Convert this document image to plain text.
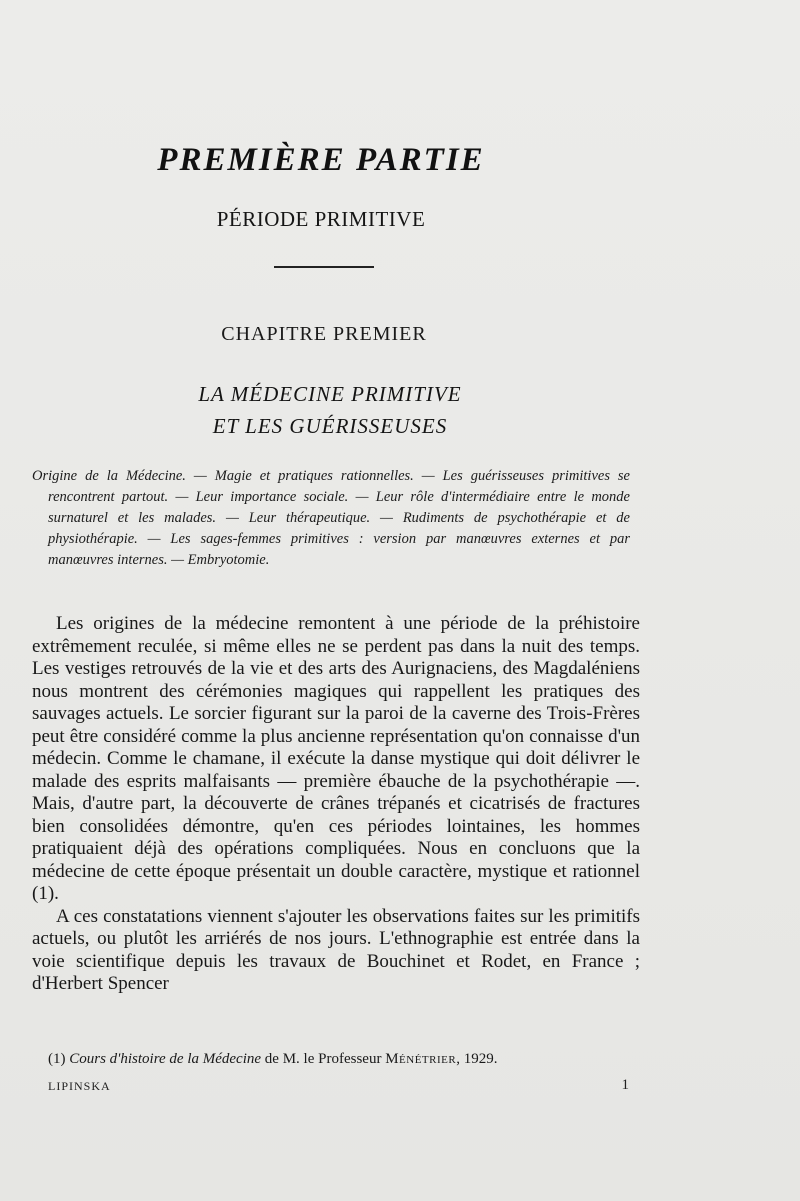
PREMIÈRE PARTIE
PÉRIODE PRIMITIVE
CHAPITRE PREMIER
LA MÉDECINE PRIMITIVE
ET LES GUÉRISSEUSES

Origine de la Médecine. — Magie et pratiques rationnelles. — Les guérisseuses primitives se rencontrent partout. — Leur importance sociale. — Leur rôle d'intermédiaire entre le monde surnaturel et les malades. — Leur thérapeutique. — Rudiments de psychothérapie et de physiothérapie. — Les sages-femmes primitives : version par manœuvres externes et par manœuvres internes. — Embryotomie.

Les origines de la médecine remontent à une période de la préhistoire extrêmement reculée, si même elles ne se perdent pas dans la nuit des temps. Les vestiges retrouvés de la vie et des arts des Aurignaciens, des Magdaléniens nous montrent des cérémonies magiques qui rappellent les pratiques des sauvages actuels. Le sorcier figurant sur la paroi de la caverne des Trois-Frères peut être considéré comme la plus ancienne représentation qu'on connaisse d'un médecin. Comme le chamane, il exécute la danse mystique qui doit délivrer le malade des esprits malfaisants — première ébauche de la psychothérapie —. Mais, d'autre part, la découverte de crânes trépanés et cicatrisés de fractures bien consolidées démontre, qu'en ces périodes lointaines, les hommes pratiquaient déjà des opérations compliquées. Nous en concluons que la médecine de cette époque présentait un double caractère, mystique et rationnel (1).

A ces constatations viennent s'ajouter les observations faites sur les primitifs actuels, ou plutôt les arriérés de nos jours. L'ethnographie est entrée dans la voie scientifique depuis les travaux de Bouchinet et Rodet, en France ; d'Herbert Spencer

(1) Cours d'histoire de la Médecine de M. le Professeur Ménétrier, 1929.
LIPINSKA	1
